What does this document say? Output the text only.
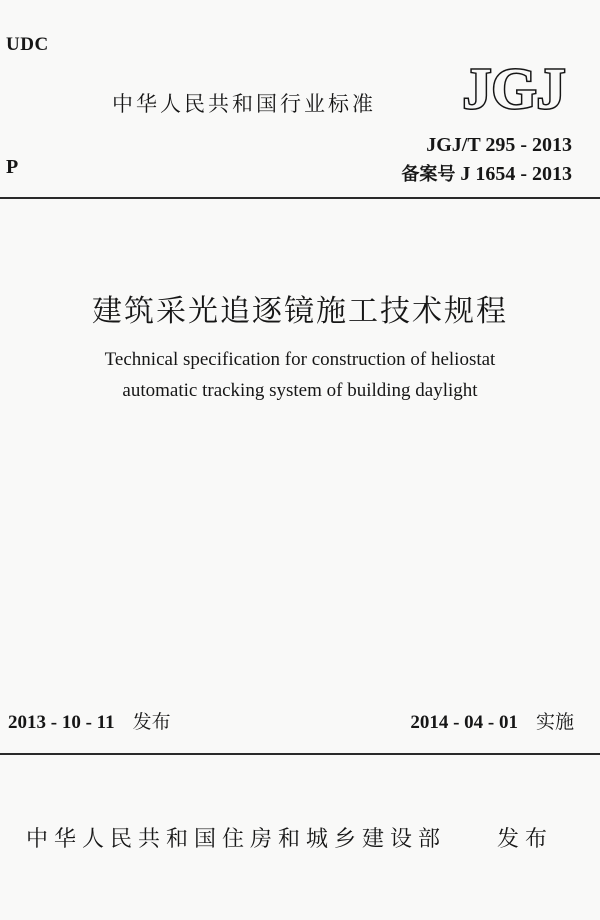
UDC
中华人民共和国行业标准 JGJ
JGJ/T 295 - 2013
P	备案号 J 1654 - 2013
建筑采光追逐镜施工技术规程
Technical specification for construction of heliostat
automatic tracking system of building daylight
2013 - 10 - 11 发布	2014 - 04 - 01 实施
中华人民共和国住房和城乡建设部 发布
